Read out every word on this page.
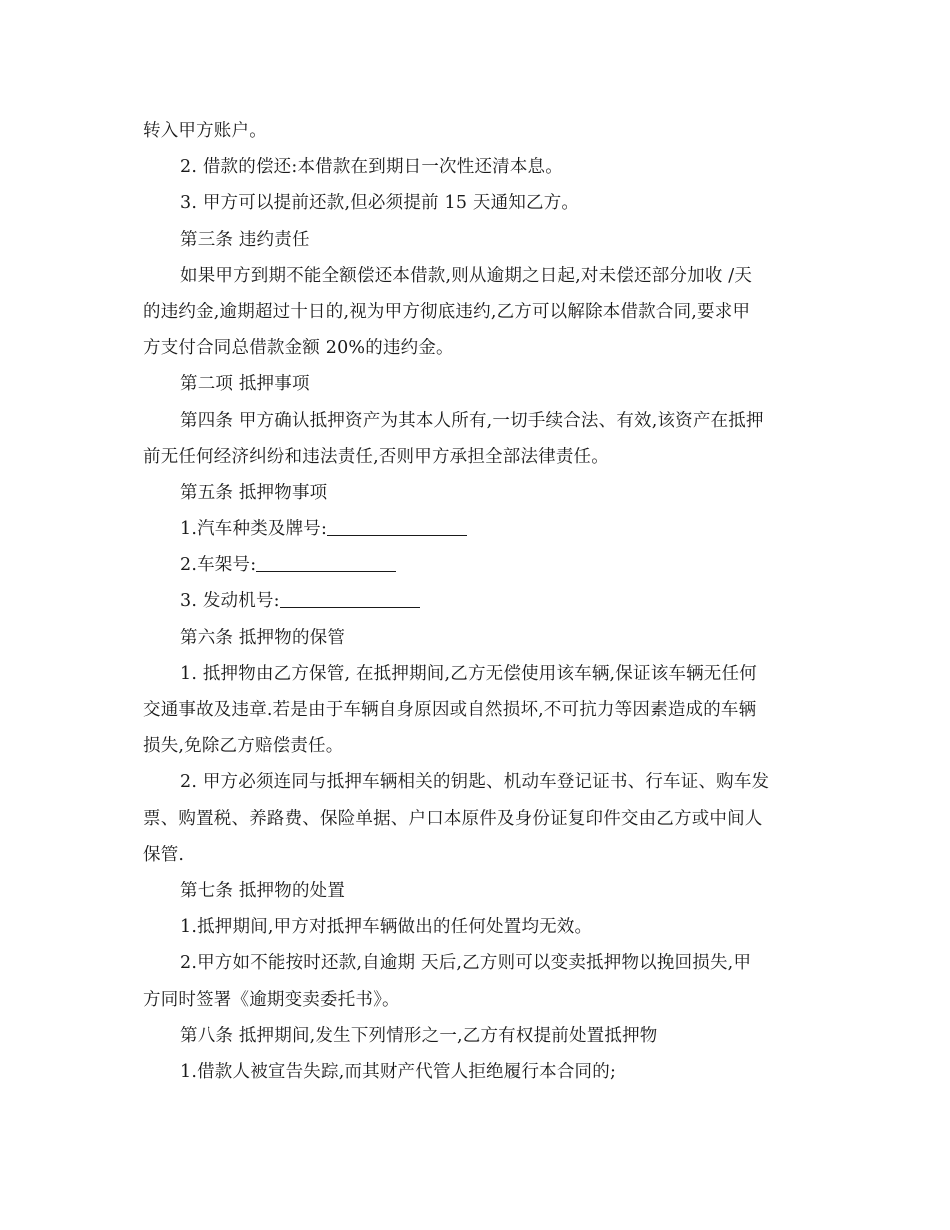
转入甲方账户。
2. 借款的偿还:本借款在到期日一次性还清本息。
3. 甲方可以提前还款,但必须提前 15 天通知乙方。
第三条 违约责任
如果甲方到期不能全额偿还本借款,则从逾期之日起,对未偿还部分加收 /天
的违约金,逾期超过十日的,视为甲方彻底违约,乙方可以解除本借款合同,要求甲
方支付合同总借款金额 20%的违约金。
第二项 抵押事项
第四条 甲方确认抵押资产为其本人所有,一切手续合法、有效,该资产在抵押
前无任何经济纠纷和违法责任,否则甲方承担全部法律责任。
第五条 抵押物事项
1.汽车种类及牌号:
2.车架号:
3. 发动机号:
第六条 抵押物的保管
1. 抵押物由乙方保管, 在抵押期间,乙方无偿使用该车辆,保证该车辆无任何
交通事故及违章.若是由于车辆自身原因或自然损坏,不可抗力等因素造成的车辆
损失,免除乙方赔偿责任。
2. 甲方必须连同与抵押车辆相关的钥匙、机动车登记证书、行车证、购车发
票、购置税、养路费、保险单据、户口本原件及身份证复印件交由乙方或中间人
保管.
第七条 抵押物的处置
1.抵押期间,甲方对抵押车辆做出的任何处置均无效。
2.甲方如不能按时还款,自逾期 天后,乙方则可以变卖抵押物以挽回损失,甲
方同时签署《逾期变卖委托书》。
第八条 抵押期间,发生下列情形之一,乙方有权提前处置抵押物
1.借款人被宣告失踪,而其财产代管人拒绝履行本合同的;
